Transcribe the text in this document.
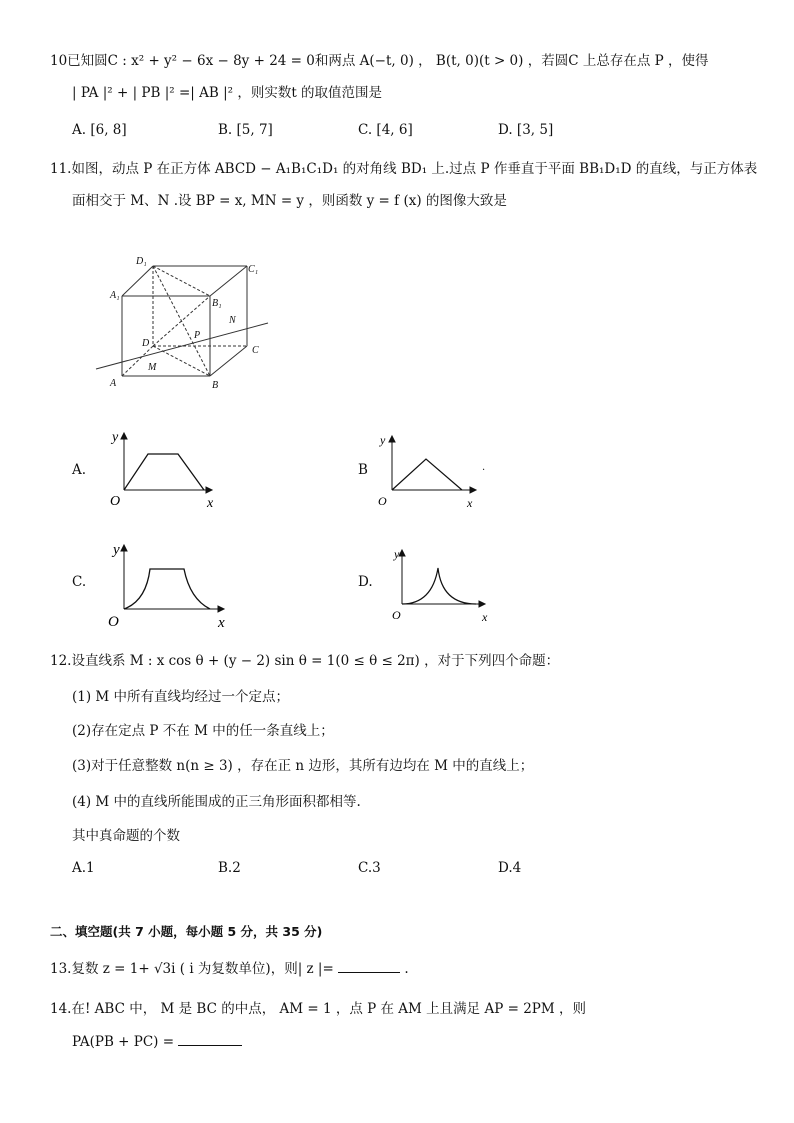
10已知圆C : x² + y² − 6x − 8y + 24 = 0和两点 A(−t, 0) ， B(t, 0)(t > 0) ，若圆C 上总存在点 P ，使得
| PA |² + | PB |² =| AB |² ，则实数t 的取值范围是
A. [6, 8]	B. [5, 7]	C. [4, 6]	D. [3, 5]
11.如图，动点 P 在正方体 ABCD − A₁B₁C₁D₁ 的对角线 BD₁ 上.过点 P 作垂直于平面 BB₁D₁D 的直线，与正方体表
面相交于 M、N .设 BP = x, MN = y ，则函数 y = f (x) 的图像大致是
D₁
C₁
A₁
B₁
N
P
D
C
M
A	B
A.
y
O	x
B
y
O	x
.
C.
y
O	x
D.
y
O	x
12.设直线系 M : x cos θ + (y − 2) sin θ = 1(0 ≤ θ ≤ 2π) ，对于下列四个命题：
(1) M 中所有直线均经过一个定点；
(2)存在定点 P 不在 M 中的任一条直线上；
(3)对于任意整数 n(n ≥ 3) ，存在正 n 边形，其所有边均在 M 中的直线上；
(4) M 中的直线所能围成的正三角形面积都相等.
其中真命题的个数
A.1	B.2	C.3	D.4
二、填空题(共 7 小题，每小题 5 分，共 35 分)
13.复数 z = 1+ √3i ( i 为复数单位)，则| z |=	.
14.在! ABC 中， M 是 BC 的中点， AM = 1 ，点 P 在 AM 上且满足 AP = 2PM ，则
PA(PB + PC) =
